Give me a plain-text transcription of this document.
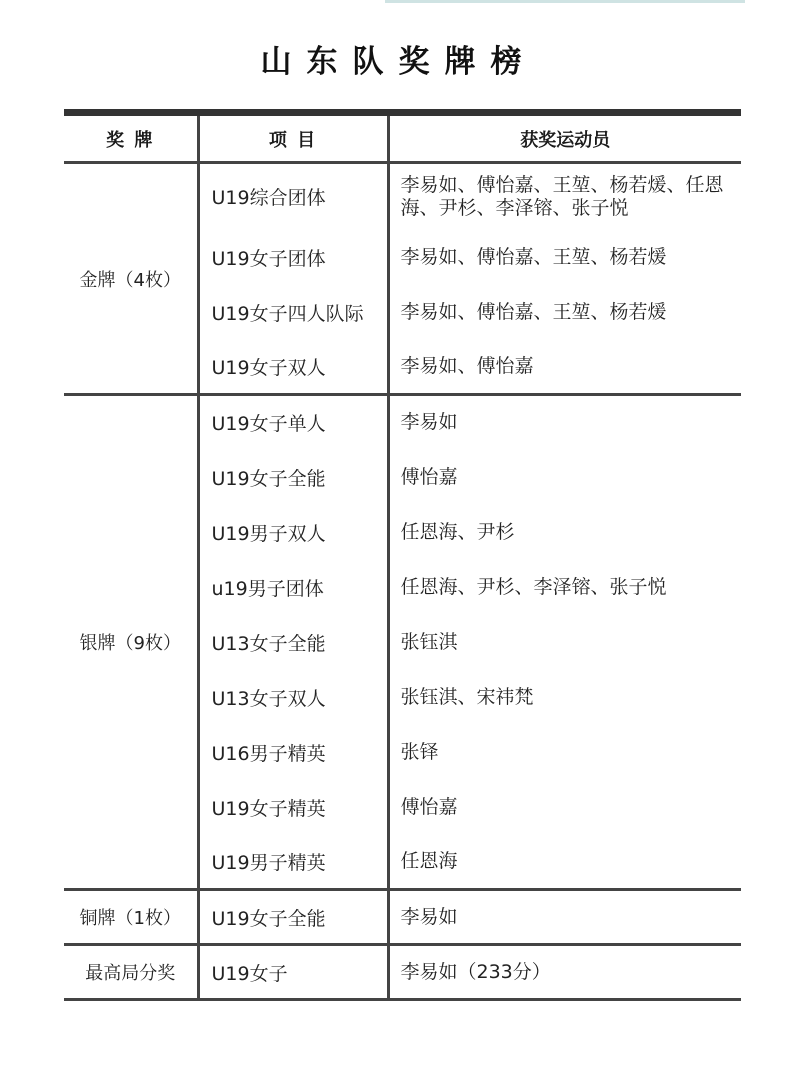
山东队奖牌榜
奖 牌	项 目	获奖运动员
金牌（4枚）	U19综合团体	李易如、傅怡嘉、王堃、杨若煖、任恩海、尹杉、李泽镕、张子悦
	U19女子团体	李易如、傅怡嘉、王堃、杨若煖
	U19女子四人队际	李易如、傅怡嘉、王堃、杨若煖
	U19女子双人	李易如、傅怡嘉
银牌（9枚）	U19女子单人	李易如
	U19女子全能	傅怡嘉
	U19男子双人	任恩海、尹杉
	u19男子团体	任恩海、尹杉、李泽镕、张子悦
	U13女子全能	张钰淇
	U13女子双人	张钰淇、宋祎梵
	U16男子精英	张铎
	U19女子精英	傅怡嘉
	U19男子精英	任恩海
铜牌（1枚）	U19女子全能	李易如
最高局分奖	U19女子	李易如（233分）
